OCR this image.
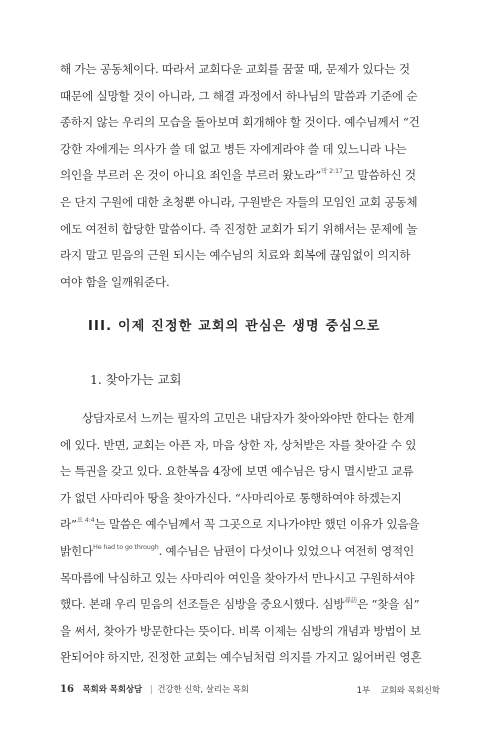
해 가는 공동체이다. 따라서 교회다운 교회를 꿈꿀 때, 문제가 있다는 것
때문에 실망할 것이 아니라, 그 해결 과정에서 하나님의 말씀과 기준에 순
종하지 않는 우리의 모습을 돌아보며 회개해야 할 것이다. 예수님께서 “건
강한 자에게는 의사가 쓸 데 없고 병든 자에게라야 쓸 데 있느니라 나는
의인을 부르러 온 것이 아니요 죄인을 부르러 왔노라”$^{막 2:17}$고 말씀하신 것
은 단지 구원에 대한 초청뿐 아니라, 구원받은 자들의 모임인 교회 공동체
에도 여전히 합당한 말씀이다. 즉 진정한 교회가 되기 위해서는 문제에 놀
라지 말고 믿음의 근원 되시는 예수님의 치료와 회복에 끊임없이 의지하
여야 함을 일깨워준다.
III. 이제 진정한 교회의 관심은 생명 중심으로
1. 찾아가는 교회
상담자로서 느끼는 필자의 고민은 내담자가 찾아와야만 한다는 한계
에 있다. 반면, 교회는 아픈 자, 마음 상한 자, 상처받은 자를 찾아갈 수 있
는 특권을 갖고 있다. 요한복음 4장에 보면 예수님은 당시 멸시받고 교류
가 없던 사마리아 땅을 찾아가신다. “사마리아로 통행하여야 하겠는지
라”$^{요 4:4}$는 말씀은 예수님께서 꼭 그곳으로 지나가야만 했던 이유가 있음을
밝힌다$^{He had to go through}$. 예수님은 남편이 다섯이나 있었으나 여전히 영적인
목마름에 낙심하고 있는 사마리아 여인을 찾아가서 만나시고 구원하셔야
했다. 본래 우리 믿음의 선조들은 심방을 중요시했다. 심방$^{尋訪}$은 “찾을 심”
을 써서, 찾아가 방문한다는 뜻이다. 비록 이제는 심방의 개념과 방법이 보
완되어야 하지만, 진정한 교회는 예수님처럼 의지를 가지고 잃어버린 영혼
16 목회와 목회상담 | 건강한 신학, 살리는 목회	1부 교회와 목회신학
